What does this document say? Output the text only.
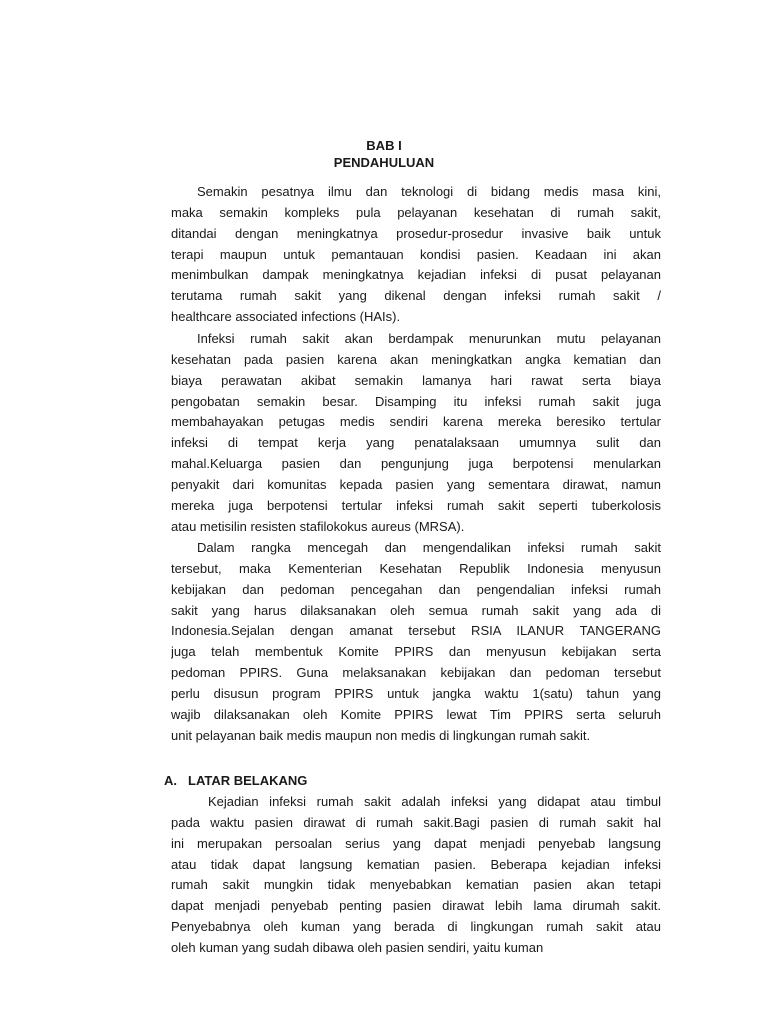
BAB I
PENDAHULUAN
Semakin pesatnya ilmu dan teknologi di bidang medis masa kini,
maka semakin kompleks pula pelayanan kesehatan di rumah sakit,
ditandai dengan meningkatnya prosedur-prosedur invasive baik untuk
terapi maupun untuk pemantauan kondisi pasien. Keadaan ini akan
menimbulkan dampak meningkatnya kejadian infeksi di pusat pelayanan
terutama rumah sakit yang dikenal dengan infeksi rumah sakit /
healthcare associated infections (HAIs).
Infeksi rumah sakit akan berdampak menurunkan mutu pelayanan
kesehatan pada pasien karena akan meningkatkan angka kematian dan
biaya perawatan akibat semakin lamanya hari rawat serta biaya
pengobatan semakin besar. Disamping itu infeksi rumah sakit juga
membahayakan petugas medis sendiri karena mereka beresiko tertular
infeksi di tempat kerja yang penatalaksaan umumnya sulit dan
mahal.Keluarga pasien dan pengunjung juga berpotensi menularkan
penyakit dari komunitas kepada pasien yang sementara dirawat, namun
mereka juga berpotensi tertular infeksi rumah sakit seperti tuberkolosis
atau metisilin resisten stafilokokus aureus (MRSA).
Dalam rangka mencegah dan mengendalikan infeksi rumah sakit
tersebut, maka Kementerian Kesehatan Republik Indonesia menyusun
kebijakan dan pedoman pencegahan dan pengendalian infeksi rumah
sakit yang harus dilaksanakan oleh semua rumah sakit yang ada di
Indonesia.Sejalan dengan amanat tersebut RSIA ILANUR TANGERANG
juga telah membentuk Komite PPIRS dan menyusun kebijakan serta
pedoman PPIRS. Guna melaksanakan kebijakan dan pedoman tersebut
perlu disusun program PPIRS untuk jangka waktu 1(satu) tahun yang
wajib dilaksanakan oleh Komite PPIRS lewat Tim PPIRS serta seluruh
unit pelayanan baik medis maupun non medis di lingkungan rumah sakit.
A. LATAR BELAKANG
Kejadian infeksi rumah sakit adalah infeksi yang didapat atau timbul
pada waktu pasien dirawat di rumah sakit.Bagi pasien di rumah sakit hal
ini merupakan persoalan serius yang dapat menjadi penyebab langsung
atau tidak dapat langsung kematian pasien. Beberapa kejadian infeksi
rumah sakit mungkin tidak menyebabkan kematian pasien akan tetapi
dapat menjadi penyebab penting pasien dirawat lebih lama dirumah sakit.
Penyebabnya oleh kuman yang berada di lingkungan rumah sakit atau
oleh kuman yang sudah dibawa oleh pasien sendiri, yaitu kuman
